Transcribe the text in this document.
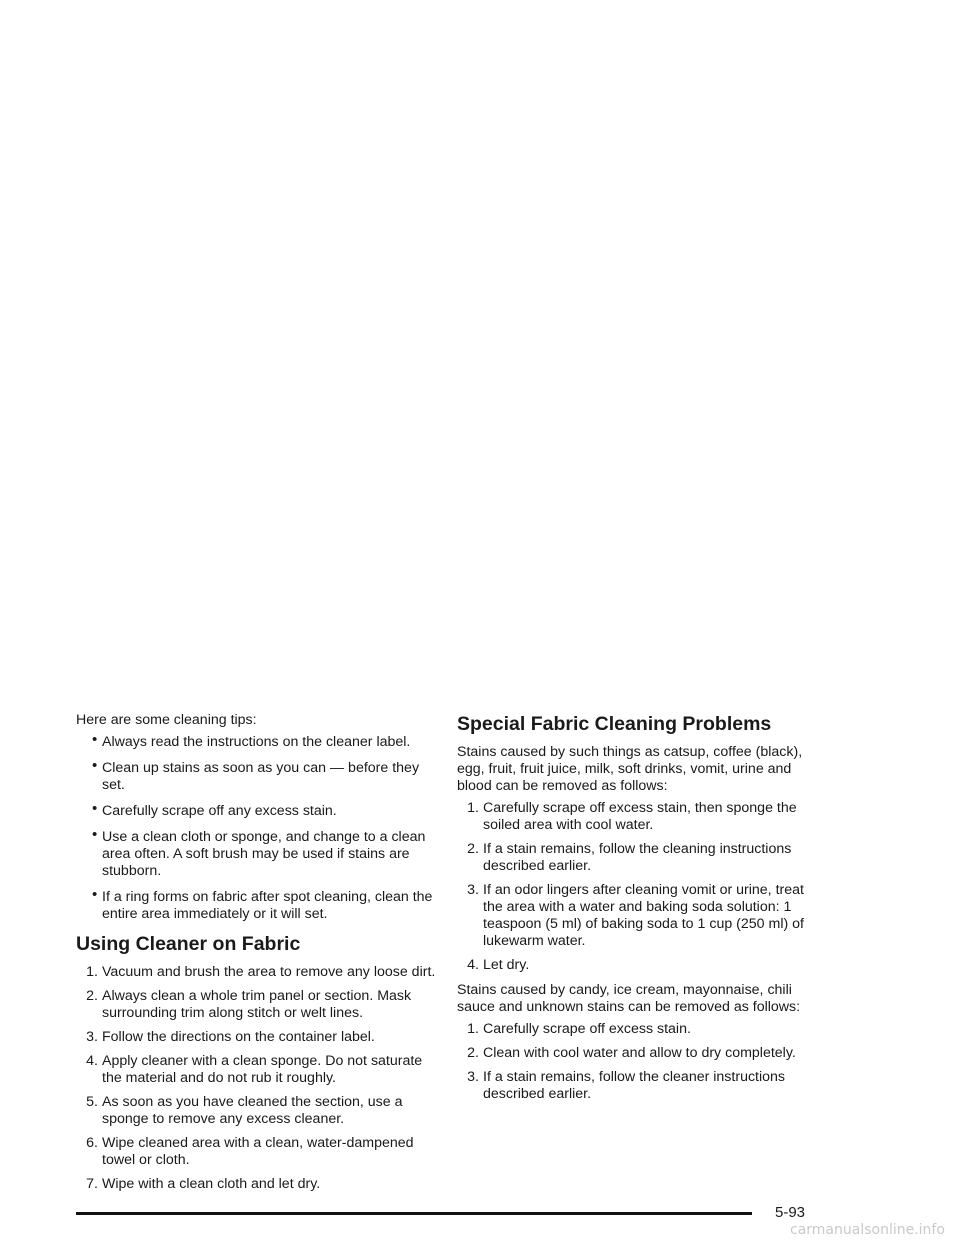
Here are some cleaning tips:

• Always read the instructions on the cleaner label.
• Clean up stains as soon as you can — before they set.
• Carefully scrape off any excess stain.
• Use a clean cloth or sponge, and change to a clean area often. A soft brush may be used if stains are stubborn.
• If a ring forms on fabric after spot cleaning, clean the entire area immediately or it will set.
Using Cleaner on Fabric
1. Vacuum and brush the area to remove any loose dirt.
2. Always clean a whole trim panel or section. Mask surrounding trim along stitch or welt lines.
3. Follow the directions on the container label.
4. Apply cleaner with a clean sponge. Do not saturate the material and do not rub it roughly.
5. As soon as you have cleaned the section, use a sponge to remove any excess cleaner.
6. Wipe cleaned area with a clean, water-dampened towel or cloth.
7. Wipe with a clean cloth and let dry.
Special Fabric Cleaning Problems

Stains caused by such things as catsup, coffee (black), egg, fruit, fruit juice, milk, soft drinks, vomit, urine and blood can be removed as follows:

1. Carefully scrape off excess stain, then sponge the soiled area with cool water.
2. If a stain remains, follow the cleaning instructions described earlier.
3. If an odor lingers after cleaning vomit or urine, treat the area with a water and baking soda solution: 1 teaspoon (5 ml) of baking soda to 1 cup (250 ml) of lukewarm water.
4. Let dry.

Stains caused by candy, ice cream, mayonnaise, chili sauce and unknown stains can be removed as follows:

1. Carefully scrape off excess stain.
2. Clean with cool water and allow to dry completely.
3. If a stain remains, follow the cleaner instructions described earlier.
5-93
carmanualsonline.info
